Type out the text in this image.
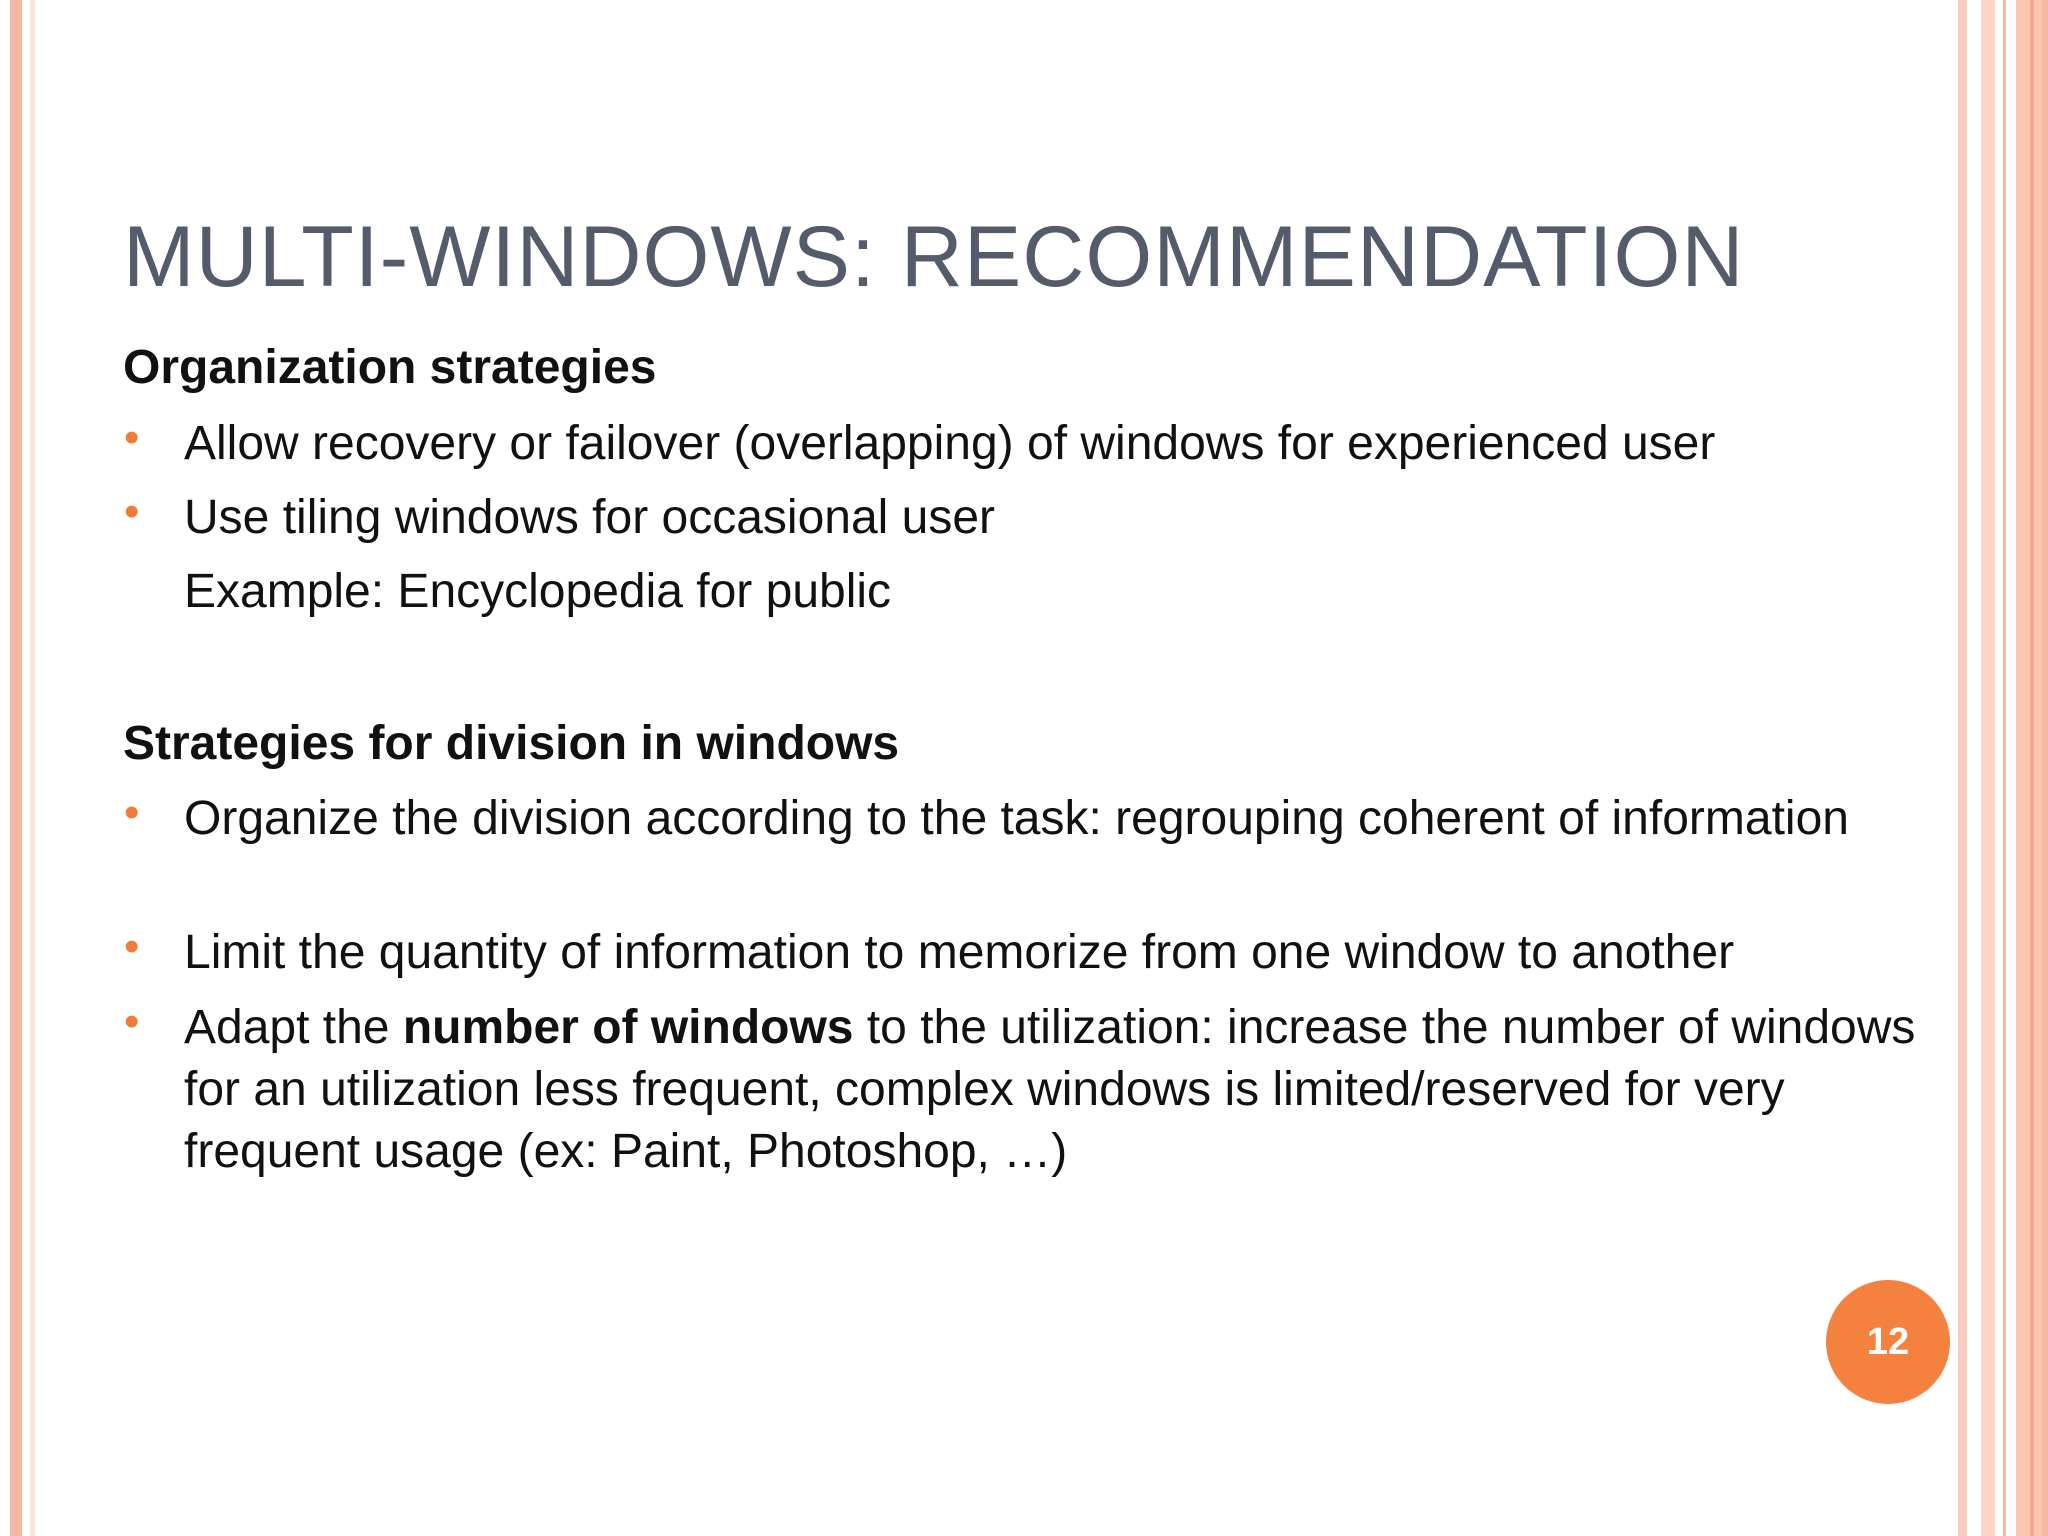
MULTI-WINDOWS: RECOMMENDATION
Organization strategies
• Allow recovery or failover (overlapping) of windows for experienced user
• Use tiling windows for occasional user
Example: Encyclopedia for public
Strategies for division in windows
• Organize the division according to the task: regrouping coherent of information
• Limit the quantity of information to memorize from one window to another
• Adapt the number of windows to the utilization: increase the number of windows for an utilization less frequent, complex windows is limited/reserved for very frequent usage (ex: Paint, Photoshop, …)
12
